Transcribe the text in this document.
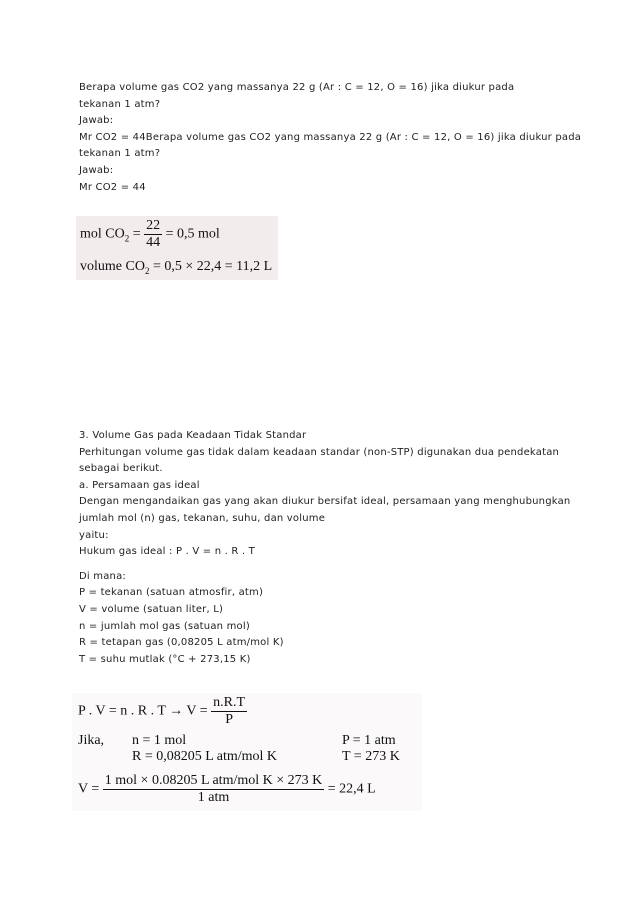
Berapa volume gas CO2 yang massanya 22 g (Ar : C = 12, O = 16) jika diukur pada
tekanan 1 atm?
Jawab:
Mr CO2 = 44Berapa volume gas CO2 yang massanya 22 g (Ar : C = 12, O = 16) jika diukur pada
tekanan 1 atm?
Jawab:
Mr CO2 = 44
mol $CO_2 = \frac{22}{44} = 0,5$ mol
volume $CO_2 = 0,5 \times 22,4 = 11,2$ L
3. Volume Gas pada Keadaan Tidak Standar
Perhitungan volume gas tidak dalam keadaan standar (non-STP) digunakan dua pendekatan
sebagai berikut.
a. Persamaan gas ideal
Dengan mengandaikan gas yang akan diukur bersifat ideal, persamaan yang menghubungkan
jumlah mol (n) gas, tekanan, suhu, dan volume
yaitu:
Hukum gas ideal : P . V = n . R . T
Di mana:
P = tekanan (satuan atmosfir, atm)
V = volume (satuan liter, L)
n = jumlah mol gas (satuan mol)
R = tetapan gas (0,08205 L atm/mol K)
T = suhu mutlak (°C + 273,15 K)
P . V = n . R . $T \to V = \frac{n.R.T}{P}$
Jika, n = 1 mol
R = 0,08205 L atm/mol K
P = 1 atm
T = 273 K
$V = \frac{\text{1 mol × 0.08205 L atm/mol K × 273 K}}{\text{1 atm}} = 22,4$ L
